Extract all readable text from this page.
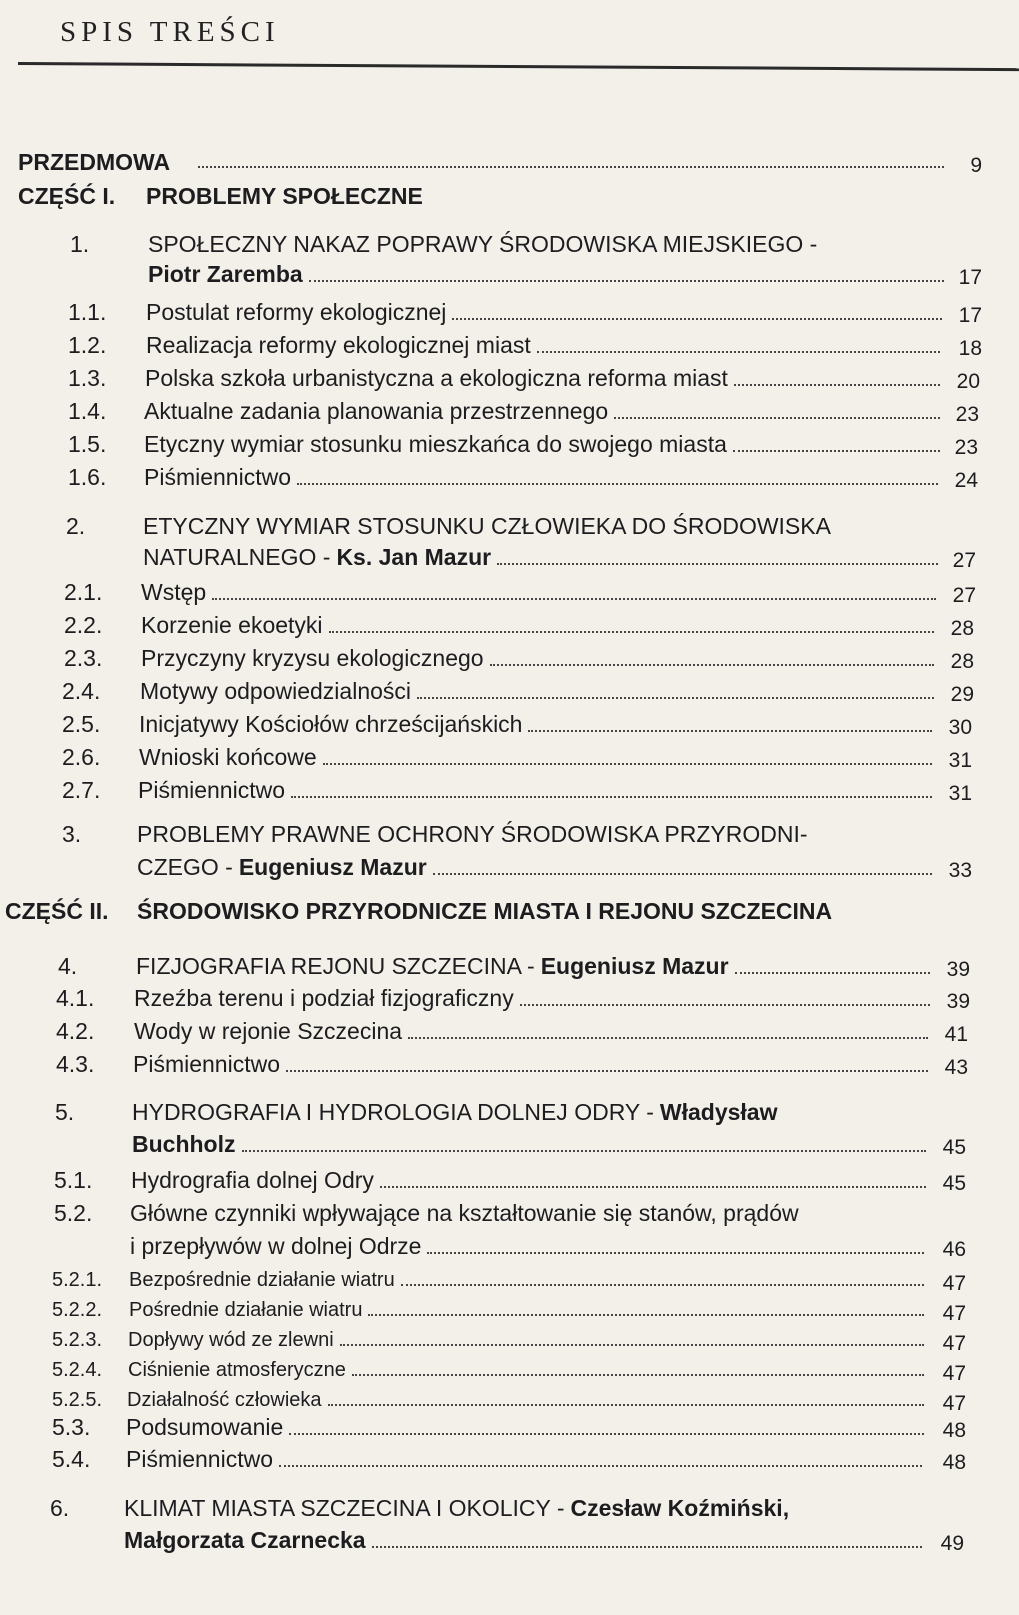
SPIS TREŚCI
PRZEDMOWA	9
CZĘŚĆ I. PROBLEMY SPOŁECZNE
1.	SPOŁECZNY NAKAZ POPRAWY ŚRODOWISKA MIEJSKIEGO -
Piotr Zaremba	17
1.1. Postulat reformy ekologicznej	17
1.2. Realizacja reformy ekologicznej miast	18
1.3. Polska szkoła urbanistyczna a ekologiczna reforma miast	20
1.4. Aktualne zadania planowania przestrzennego	23
1.5. Etyczny wymiar stosunku mieszkańca do swojego miasta	23
1.6. Piśmiennictwo	24
2.	ETYCZNY WYMIAR STOSUNKU CZŁOWIEKA DO ŚRODOWISKA
NATURALNEGO - Ks. Jan Mazur	27
2.1. Wstęp	27
2.2. Korzenie ekoetyki	28
2.3. Przyczyny kryzysu ekologicznego	28
2.4. Motywy odpowiedzialności	29
2.5. Inicjatywy Kościołów chrześcijańskich	30
2.6. Wnioski końcowe	31
2.7. Piśmiennictwo	31
3. PROBLEMY PRAWNE OCHRONY ŚRODOWISKA PRZYRODNI-
CZEGO - Eugeniusz Mazur	33
CZĘŚĆ II. ŚRODOWISKO PRZYRODNICZE MIASTA I REJONU SZCZECINA
4.	FIZJOGRAFIA REJONU SZCZECINA - Eugeniusz Mazur	39
4.1. Rzeźba terenu i podział fizjograficzny	39
4.2. Wody w rejonie Szczecina	41
4.3. Piśmiennictwo	43
5.	HYDROGRAFIA I HYDROLOGIA DOLNEJ ODRY - Władysław
Buchholz	45
5.1. Hydrografia dolnej Odry	45
5.2. Główne czynniki wpływające na kształtowanie się stanów, prądów
i przepływów w dolnej Odrze	46
5.2.1. Bezpośrednie działanie wiatru	47
5.2.2. Pośrednie działanie wiatru	47
5.2.3. Dopływy wód ze zlewni	47
5.2.4. Ciśnienie atmosferyczne	47
5.2.5. Działalność człowieka	47
5.3. Podsumowanie	48
5.4. Piśmiennictwo	48
6. KLIMAT MIASTA SZCZECINA I OKOLICY - Czesław Koźmiński,
Małgorzata Czarnecka	49
